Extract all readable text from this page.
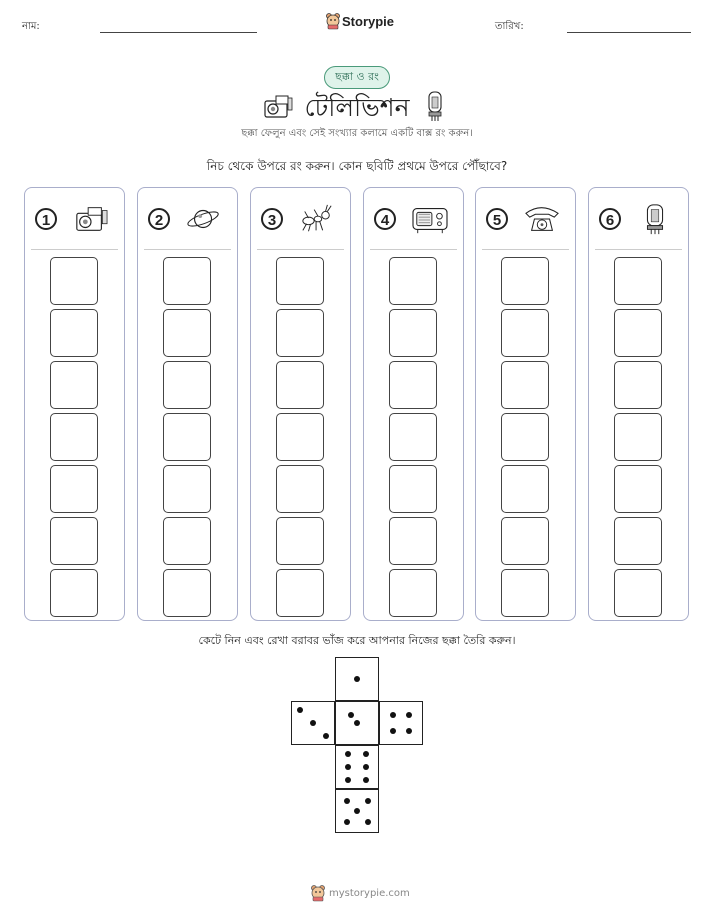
নাম:	Storypie	তারিখ:
ছক্কা ও রং
টেলিভিশন
ছক্কা ফেলুন এবং সেই সংখ্যার কলামে একটি বাক্স রং করুন।
নিচ থেকে উপরে রং করুন। কোন ছবিটি প্রথমে উপরে পৌঁছাবে?
1	2	3	4	5	6
কেটে নিন এবং রেখা বরাবর ভাঁজ করে আপনার নিজের ছক্কা তৈরি করুন।
mystorypie.com
